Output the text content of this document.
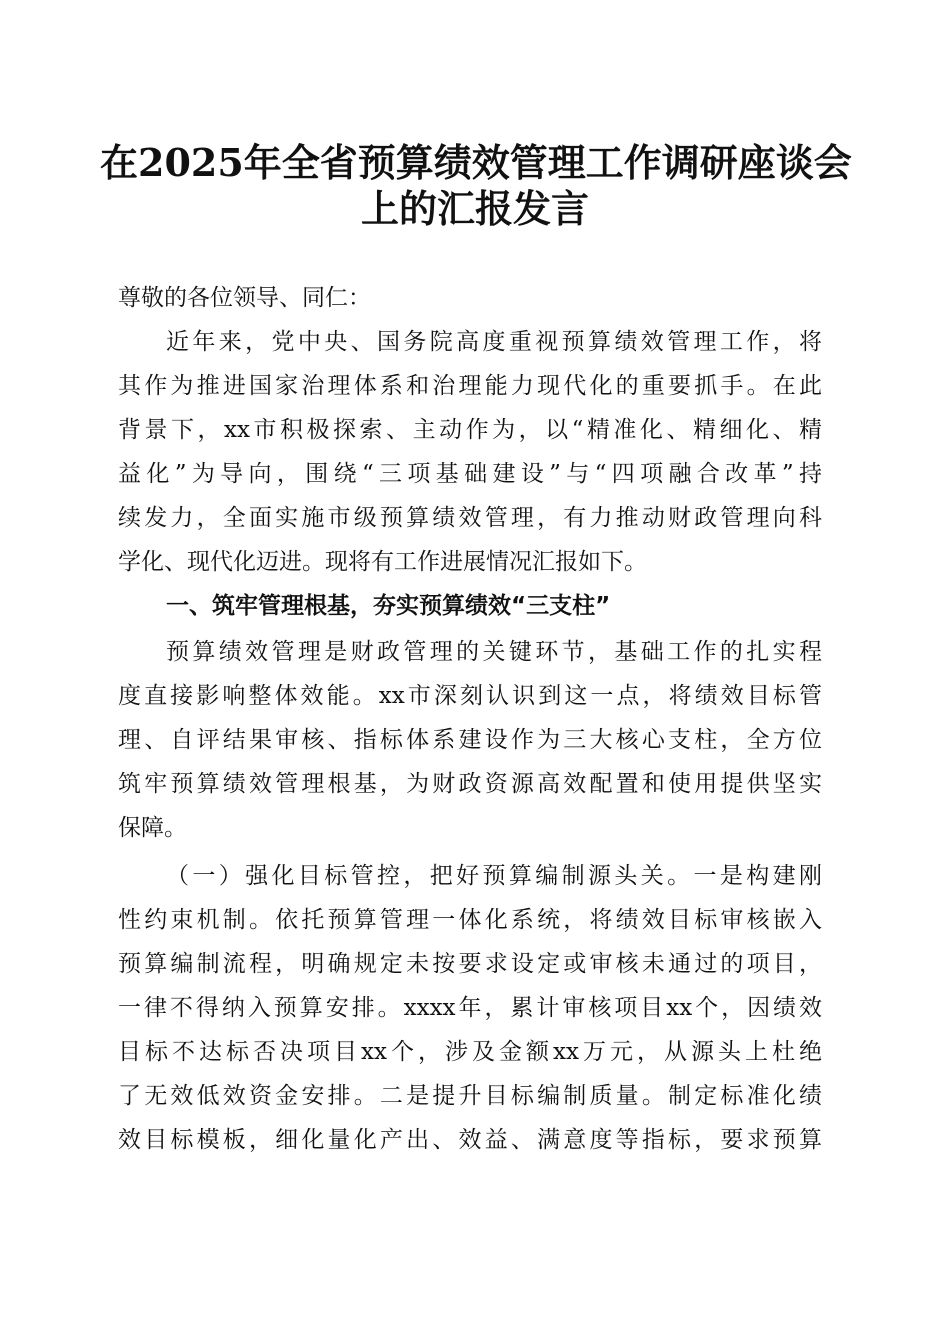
在2025年全省预算绩效管理工作调研座谈会
上的汇报发言
尊敬的各位领导、同仁：
近年来，党中央、国务院高度重视预算绩效管理工作，将
其作为推进国家治理体系和治理能力现代化的重要抓手。在此
背景下，xx市积极探索、主动作为，以“精准化、精细化、精
益化”为导向，围绕“三项基础建设”与“四项融合改革”持
续发力，全面实施市级预算绩效管理，有力推动财政管理向科
学化、现代化迈进。现将有工作进展情况汇报如下。
一、筑牢管理根基，夯实预算绩效“三支柱”
预算绩效管理是财政管理的关键环节，基础工作的扎实程
度直接影响整体效能。xx市深刻认识到这一点，将绩效目标管
理、自评结果审核、指标体系建设作为三大核心支柱，全方位
筑牢预算绩效管理根基，为财政资源高效配置和使用提供坚实
保障。
（一）强化目标管控，把好预算编制源头关。一是构建刚
性约束机制。依托预算管理一体化系统，将绩效目标审核嵌入
预算编制流程，明确规定未按要求设定或审核未通过的项目，
一律不得纳入预算安排。xxxx年，累计审核项目xx个，因绩效
目标不达标否决项目xx个，涉及金额xx万元，从源头上杜绝
了无效低效资金安排。二是提升目标编制质量。制定标准化绩
效目标模板，细化量化产出、效益、满意度等指标，要求预算
